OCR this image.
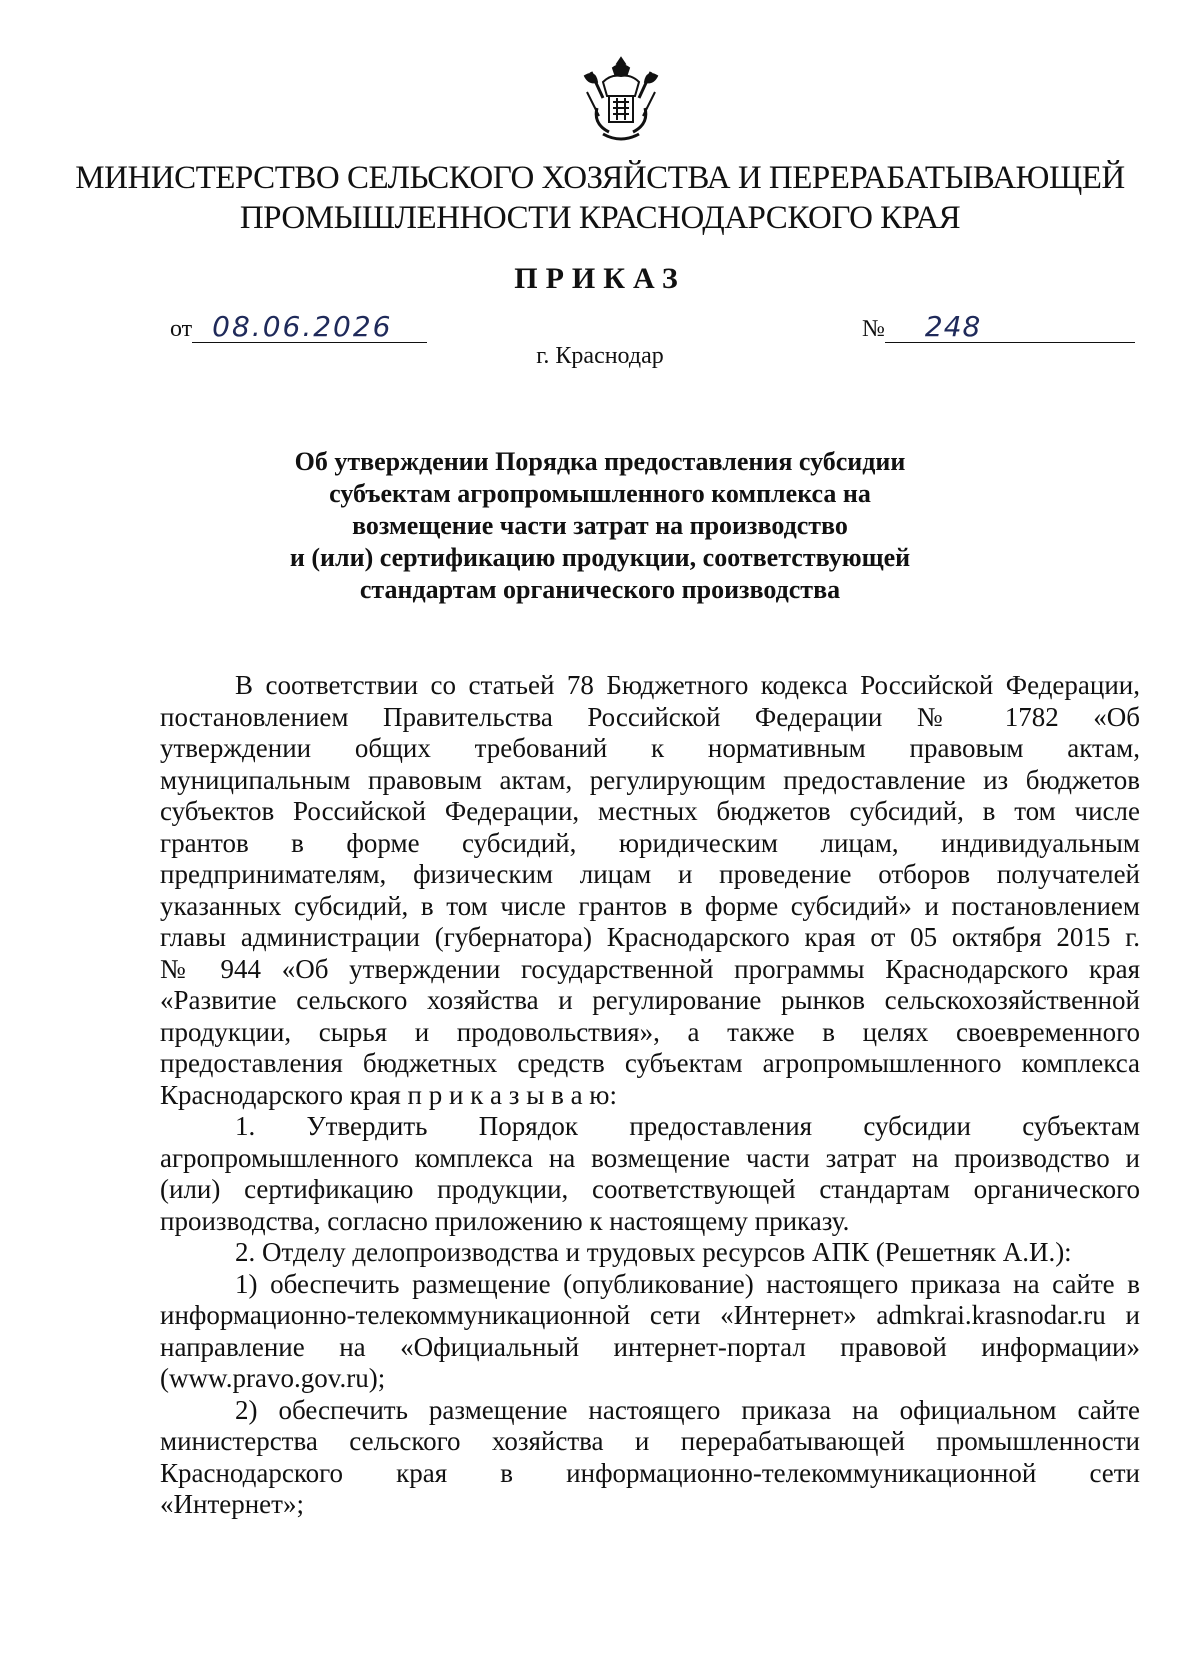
МИНИСТЕРСТВО СЕЛЬСКОГО ХОЗЯЙСТВА И ПЕРЕРАБАТЫВАЮЩЕЙ
ПРОМЫШЛЕННОСТИ КРАСНОДАРСКОГО КРАЯ
ПРИКАЗ
от 08.06.2026	№	248
г. Краснодар
Об утверждении Порядка предоставления субсидии
субъектам агропромышленного комплекса на
возмещение части затрат на производство
и (или) сертификацию продукции, соответствующей
стандартам органического производства
В соответствии со статьей 78 Бюджетного кодекса Российской Федерации,
постановлением Правительства Российской Федерации № 1782 «Об
утверждении общих требований к нормативным правовым актам,
муниципальным правовым актам, регулирующим предоставление из бюджетов
субъектов Российской Федерации, местных бюджетов субсидий, в том числе
грантов в форме субсидий, юридическим лицам, индивидуальным
предпринимателям, физическим лицам и проведение отборов получателей
указанных субсидий, в том числе грантов в форме субсидий» и постановлением
главы администрации (губернатора) Краснодарского края от 05 октября 2015 г.
№ 944 «Об утверждении государственной программы Краснодарского края
«Развитие сельского хозяйства и регулирование рынков сельскохозяйственной
продукции, сырья и продовольствия», а также в целях своевременного
предоставления бюджетных средств субъектам агропромышленного комплекса
Краснодарского края п р и к а з ы в а ю:
1. Утвердить Порядок предоставления субсидии субъектам
агропромышленного комплекса на возмещение части затрат на производство и
(или) сертификацию продукции, соответствующей стандартам органического
производства, согласно приложению к настоящему приказу.
2. Отделу делопроизводства и трудовых ресурсов АПК (Решетняк А.И.):
1) обеспечить размещение (опубликование) настоящего приказа на сайте в
информационно-телекоммуникационной сети «Интернет» admkrai.krasnodar.ru и
направление на «Официальный интернет-портал правовой информации»
(www.pravo.gov.ru);
2) обеспечить размещение настоящего приказа на официальном сайте
министерства сельского хозяйства и перерабатывающей промышленности
Краснодарского края в информационно-телекоммуникационной сети
«Интернет»;
